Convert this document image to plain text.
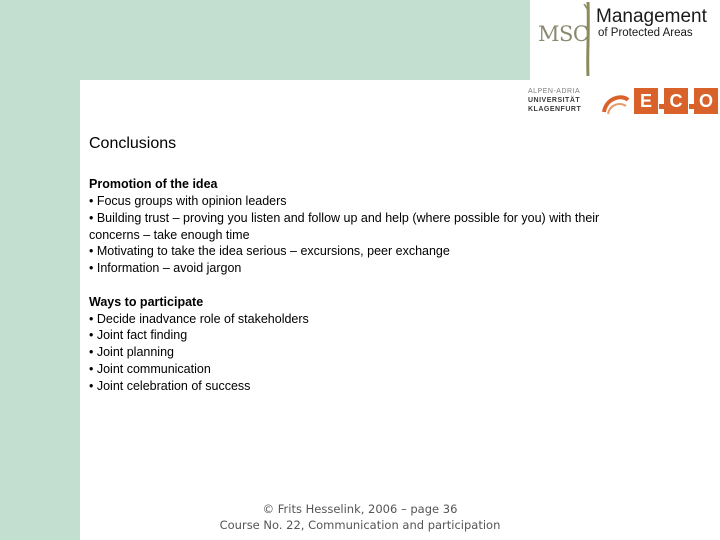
MSC
Management
of Protected Areas
ALPEN-ADRIA
UNIVERSITÄT
KLAGENFURT	E C O
Conclusions
Promotion of the idea
• Focus groups with opinion leaders
• Building trust – proving you listen and follow up and help (where possible for you) with their
concerns – take enough time
• Motivating to take the idea serious – excursions, peer exchange
• Information – avoid jargon
Ways to participate
• Decide inadvance role of stakeholders
• Joint fact finding
• Joint planning
• Joint communication
• Joint celebration of success
© Frits Hesselink, 2006 – page 36
Course No. 22, Communication and participation
